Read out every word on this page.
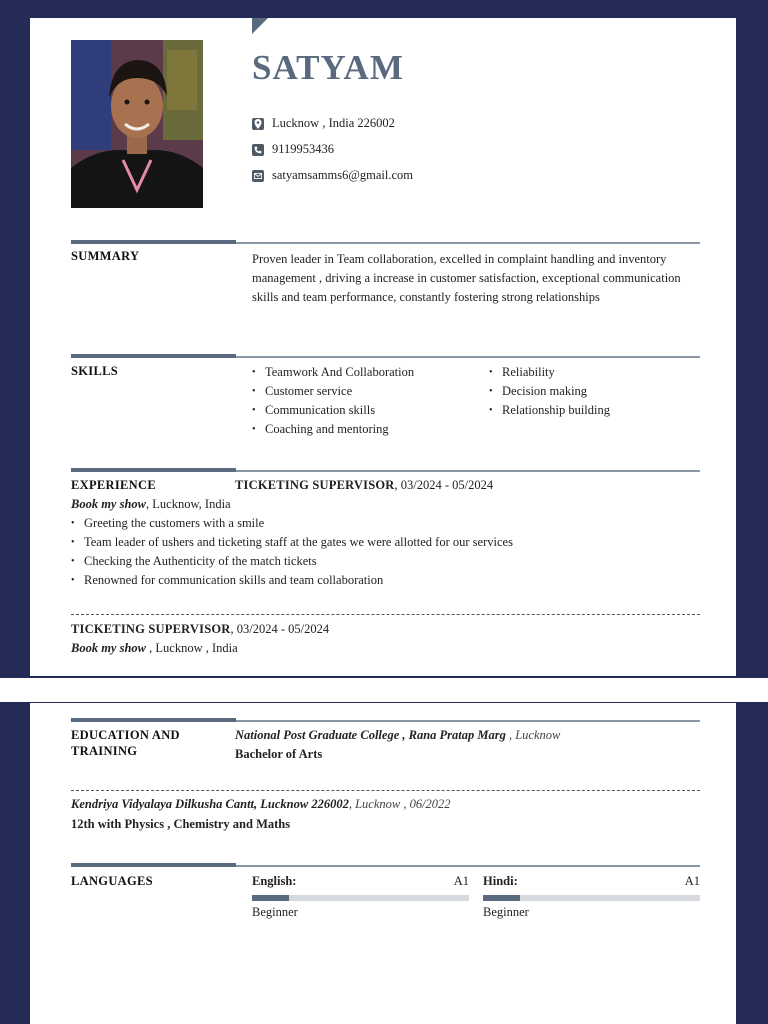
SATYAM
Lucknow , India 226002
9119953436
satyamsamms6@gmail.com
SUMMARY	Proven leader in Team collaboration, excelled in complaint handling and inventory management , driving a increase in customer satisfaction, exceptional communication skills and team performance, constantly fostering strong relationships

SKILLS
•	Teamwork And Collaboration
• Customer service
• Communication skills
• Coaching and mentoring
• Reliability
• Decision making
• Relationship building
EXPERIENCE	TICKETING SUPERVISOR, 03/2024 - 05/2024
Book my show, Lucknow, India
• Greeting the customers with a smile
• Team leader of ushers and ticketing staff at the gates we were allotted for our services
• Checking the Authenticity of the match tickets
• Renowned for communication skills and team collaboration
TICKETING SUPERVISOR, 03/2024 - 05/2024
Book my show , Lucknow , India
EDUCATION AND
TRAINING
National Post Graduate College , Rana Pratap Marg , Lucknow
Bachelor of Arts
Kendriya Vidyalaya Dilkusha Cantt, Lucknow 226002, Lucknow , 06/2022
12th with Physics , Chemistry and Maths
LANGUAGES	English:	A1
Beginner
Hindi:	A1
Beginner
